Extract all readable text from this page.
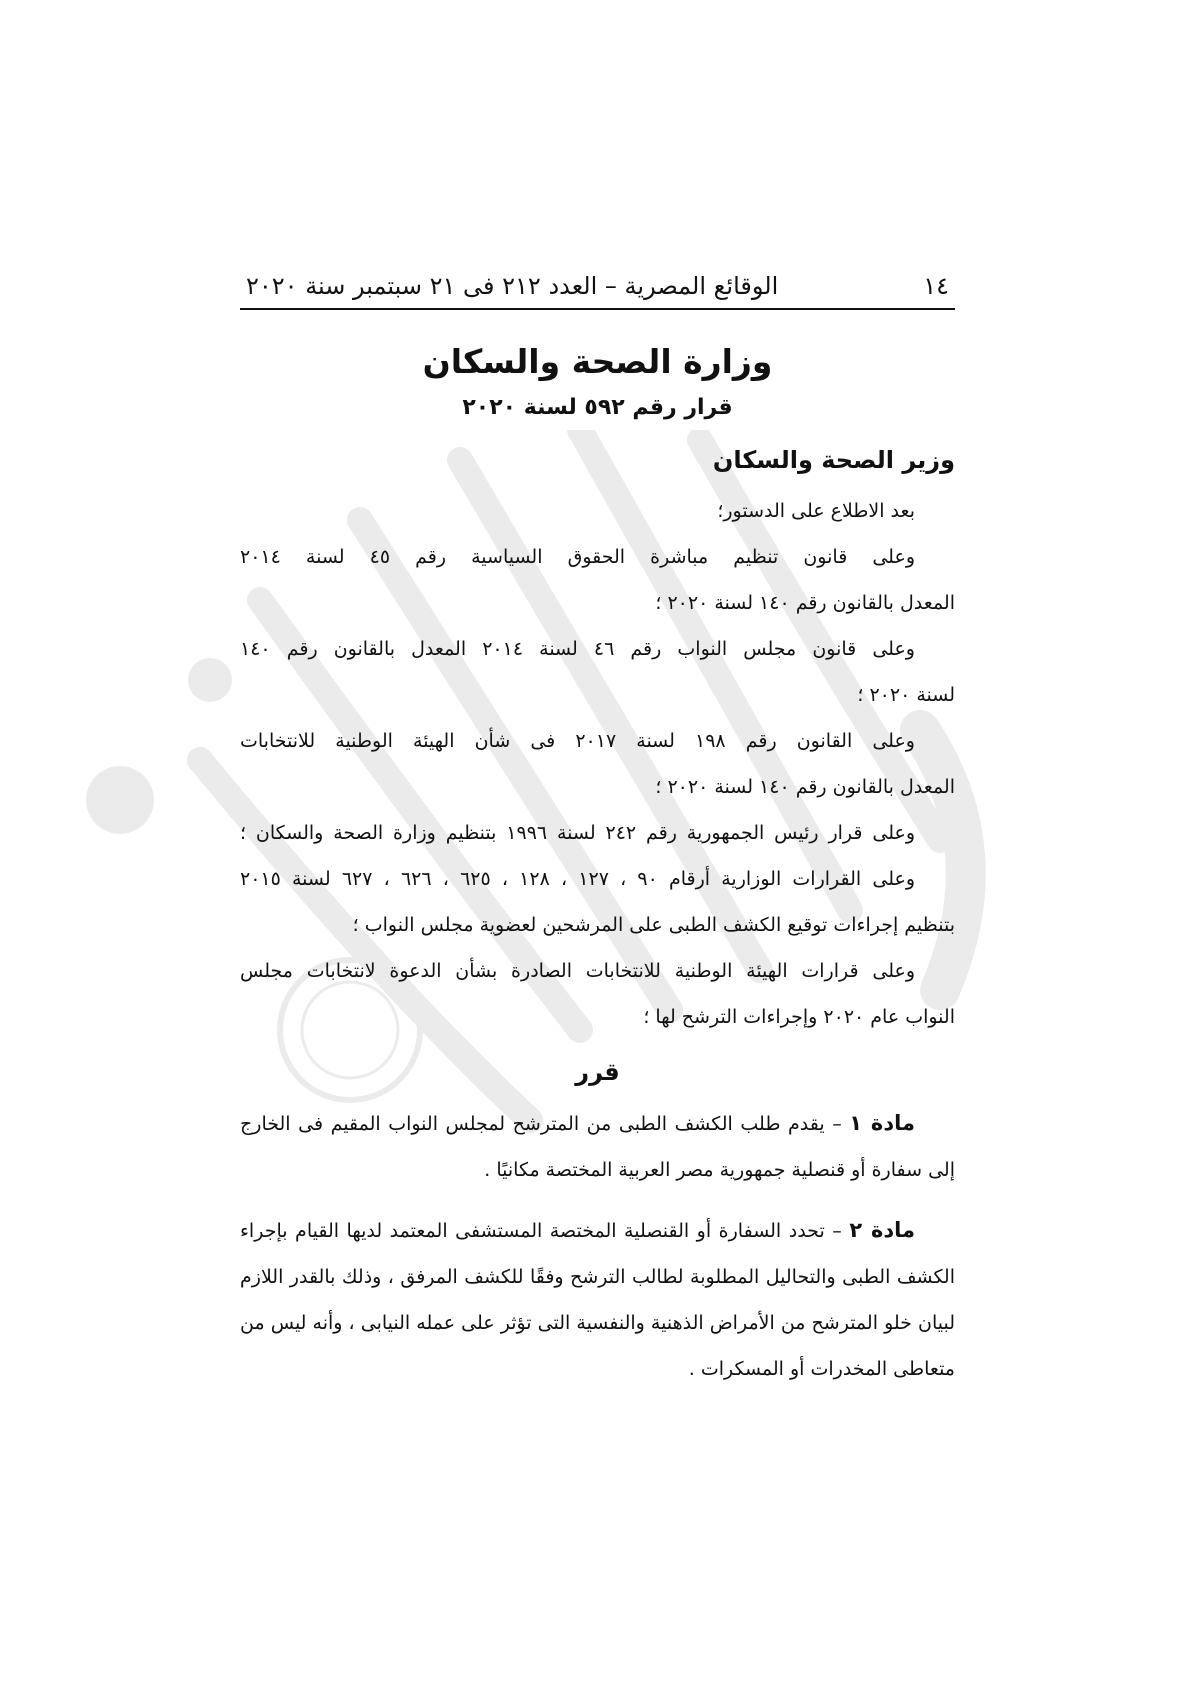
١٤
الوقائع المصرية – العدد ٢١٢ فى ٢١ سبتمبر سنة ٢٠٢٠
وزارة الصحة والسكان
قرار رقم ٥٩٢ لسنة ٢٠٢٠
وزير الصحة والسكان
بعد الاطلاع على الدستور؛
وعلى قانون تنظيم مباشرة الحقوق السياسية رقم ٤٥ لسنة ٢٠١٤
المعدل بالقانون رقم ١٤٠ لسنة ٢٠٢٠ ؛
وعلى قانون مجلس النواب رقم ٤٦ لسنة ٢٠١٤ المعدل بالقانون رقم ١٤٠
لسنة ٢٠٢٠ ؛
وعلى القانون رقم ١٩٨ لسنة ٢٠١٧ فى شأن الهيئة الوطنية للانتخابات
المعدل بالقانون رقم ١٤٠ لسنة ٢٠٢٠ ؛
وعلى قرار رئيس الجمهورية رقم ٢٤٢ لسنة ١٩٩٦ بتنظيم وزارة الصحة والسكان ؛
وعلى القرارات الوزارية أرقام ٩٠ ، ١٢٧ ، ١٢٨ ، ٦٢٥ ، ٦٢٦ ، ٦٢٧ لسنة ٢٠١٥
بتنظيم إجراءات توقيع الكشف الطبى على المرشحين لعضوية مجلس النواب ؛
وعلى قرارات الهيئة الوطنية للانتخابات الصادرة بشأن الدعوة لانتخابات مجلس
النواب عام ٢٠٢٠ وإجراءات الترشح لها ؛
قرر
مادة ١ – يقدم طلب الكشف الطبى من المترشح لمجلس النواب المقيم فى الخارج
إلى سفارة أو قنصلية جمهورية مصر العربية المختصة مكانيًا .
مادة ٢ – تحدد السفارة أو القنصلية المختصة المستشفى المعتمد لديها القيام بإجراء
الكشف الطبى والتحاليل المطلوبة لطالب الترشح وفقًا للكشف المرفق ، وذلك بالقدر اللازم لبيان خلو المترشح من الأمراض الذهنية والنفسية التى تؤثر على عمله النيابى ، وأنه ليس من متعاطى المخدرات أو المسكرات .
